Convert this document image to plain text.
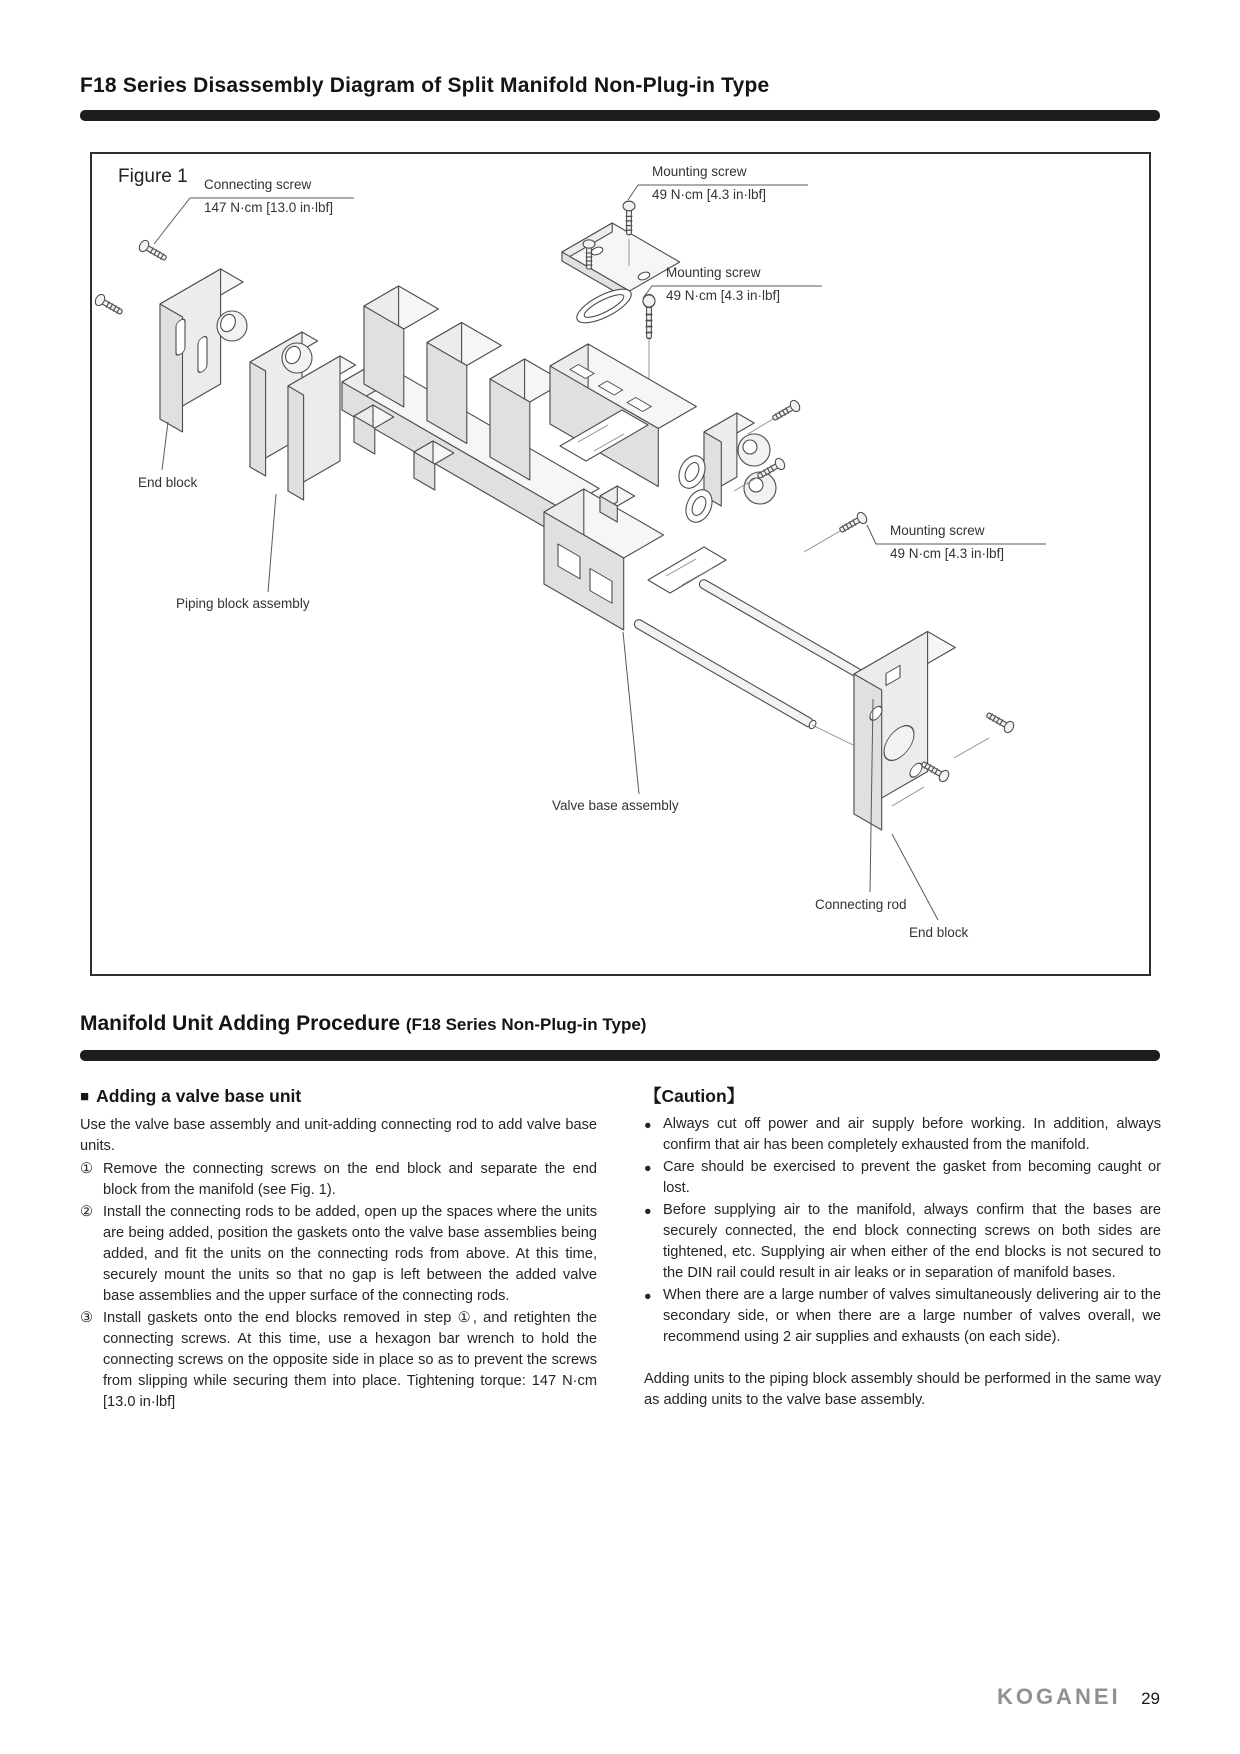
F18 Series Disassembly Diagram of Split Manifold Non-Plug-in Type
Figure 1 Connecting screw
147 N·cm [13.0 in·lbf]
Mounting screw
49 N·cm [4.3 in·lbf]
Mounting screw
49 N·cm [4.3 in·lbf]
Mounting screw
49 N·cm [4.3 in·lbf]
End block
Piping block assembly
Valve base assembly
Connecting rod
End block
Manifold Unit Adding Procedure (F18 Series Non-Plug-in Type)
■ Adding a valve base unit
Use the valve base assembly and unit-adding connecting rod to add valve base units.
① Remove the connecting screws on the end block and separate the end block from the manifold (see Fig. 1).
② Install the connecting rods to be added, open up the spaces where the units are being added, position the gaskets onto the valve base assemblies being added, and fit the units on the connecting rods from above. At this time, securely mount the units so that no gap is left between the added valve base assemblies and the upper surface of the connecting rods.
③ Install gaskets onto the end blocks removed in step ①, and retighten the connecting screws. At this time, use a hexagon bar wrench to hold the connecting screws on the opposite side in place so as to prevent the screws from slipping while securing them into place. Tightening torque: 147 N·cm [13.0 in·lbf]
【Caution】
● Always cut off power and air supply before working. In addition, always confirm that air has been completely exhausted from the manifold.
● Care should be exercised to prevent the gasket from becoming caught or lost.
● Before supplying air to the manifold, always confirm that the bases are securely connected, the end block connecting screws on both sides are tightened, etc. Supplying air when either of the end blocks is not secured to the DIN rail could result in air leaks or in separation of manifold bases.
● When there are a large number of valves simultaneously delivering air to the secondary side, or when there are a large number of valves overall, we recommend using 2 air supplies and exhausts (on each side).
Adding units to the piping block assembly should be performed in the same way as adding units to the valve base assembly.
KOGANEI 29
